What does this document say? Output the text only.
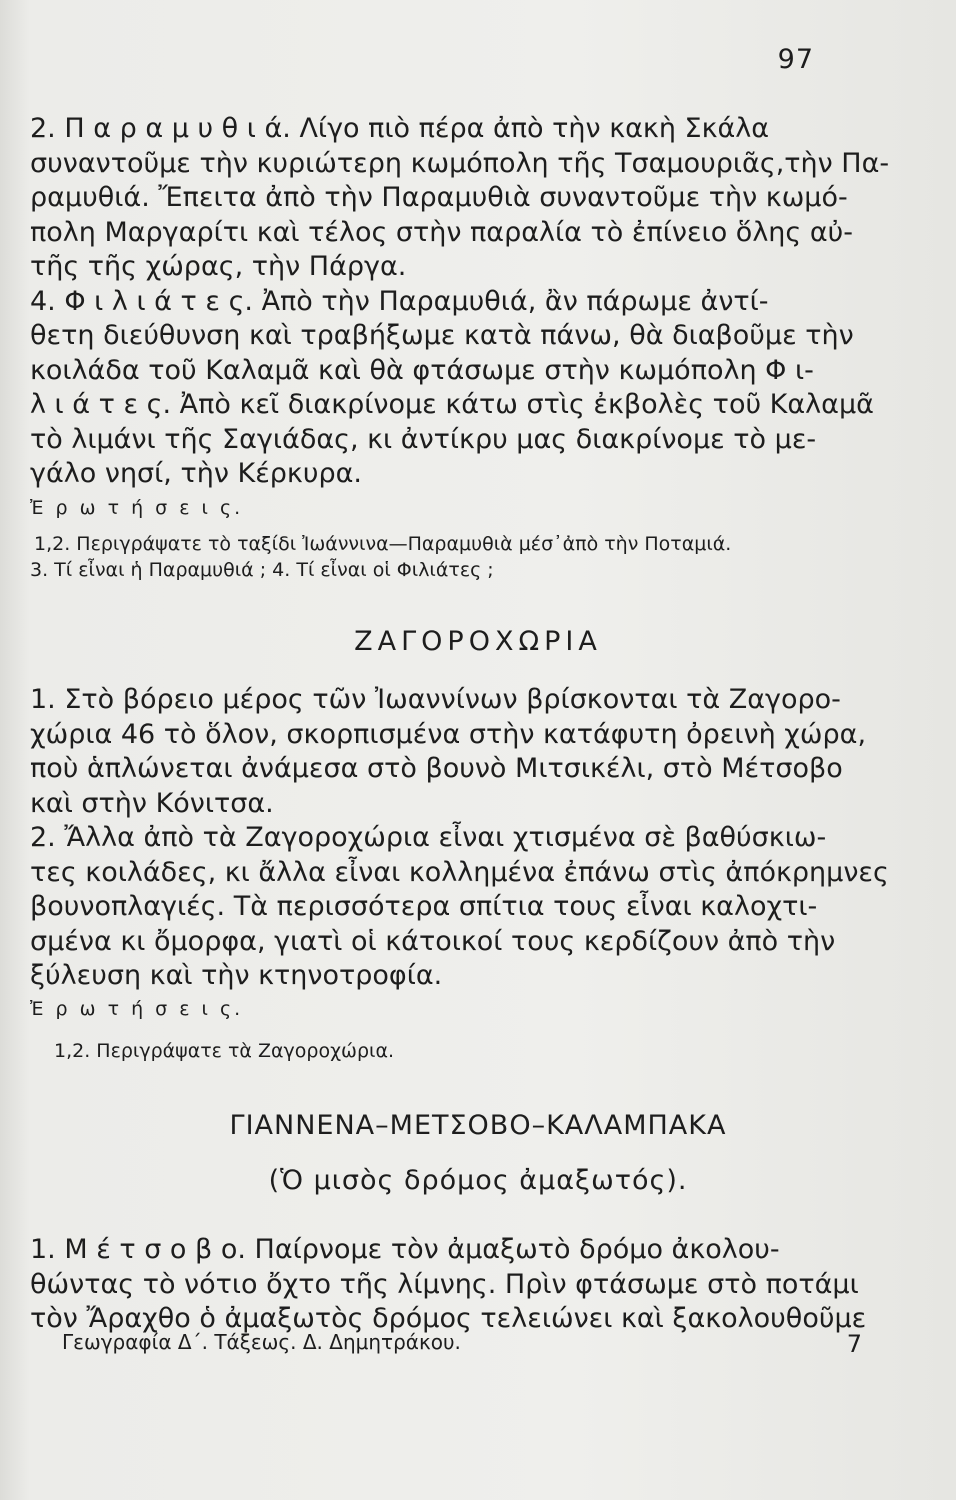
97
2. Π α ρ α μ υ θ ι ά. Λίγο πιὸ πέρα ἀπὸ τὴν κακὴ Σκάλα
συναντοῦμε τὴν κυριώτερη κωμόπολη τῆς Τσαμουριᾶς,τὴν Πα-
ραμυθιά. Ἔπειτα ἀπὸ τὴν Παραμυθιὰ συναντοῦμε τὴν κωμό-
πολη Μαργαρίτι καὶ τέλος στὴν παραλία τὸ ἐπίνειο ὅλης αὐ-
τῆς τῆς χώρας, τὴν Πάργα.
4. Φ ι λ ι ά τ ε ς. Ἀπὸ τὴν Παραμυθιά, ἂν πάρωμε ἀντί-
θετη διεύθυνση καὶ τραβήξωμε κατὰ πάνω, θὰ διαβοῦμε τὴν
κοιλάδα τοῦ Καλαμᾶ καὶ θὰ φτάσωμε στὴν κωμόπολη Φ ι-
λ ι ά τ ε ς. Ἀπὸ κεῖ διακρίνομε κάτω στὶς ἐκβολὲς τοῦ Καλαμᾶ
τὸ λιμάνι τῆς Σαγιάδας, κι ἀντίκρυ μας διακρίνομε τὸ με-
γάλο νησί, τὴν Κέρκυρα.
Ἐ ρ ω τ ή σ ε ι ς.
1,2. Περιγράψατε τὸ ταξίδι Ἰωάννινα—Παραμυθιὰ μέσ᾽ἀπὸ τὴν Ποταμιά.
3. Τί εἶναι ἡ Παραμυθιά ; 4. Τί εἶναι οἱ Φιλιάτες ;
ΖΑΓΟΡΟΧΩΡΙΑ
1. Στὸ βόρειο μέρος τῶν Ἰωαννίνων βρίσκονται τὰ Ζαγορο-
χώρια 46 τὸ ὅλον, σκορπισμένα στὴν κατάφυτη ὀρεινὴ χώρα,
ποὺ ἁπλώνεται ἀνάμεσα στὸ βουνὸ Μιτσικέλι, στὸ Μέτσοβο
καὶ στὴν Κόνιτσα.
2. Ἄλλα ἀπὸ τὰ Ζαγοροχώρια εἶναι χτισμένα σὲ βαθύσκιω-
τες κοιλάδες, κι ἄλλα εἶναι κολλημένα ἐπάνω στὶς ἀπόκρημνες
βουνοπλαγιές. Τὰ περισσότερα σπίτια τους εἶναι καλοχτι-
σμένα κι ὄμορφα, γιατὶ οἱ κάτοικοί τους κερδίζουν ἀπὸ τὴν
ξύλευση καὶ τὴν κτηνοτροφία.
Ἐ ρ ω τ ή σ ε ι ς.
1,2. Περιγράψατε τὰ Ζαγοροχώρια.
ΓΙΑΝΝΕΝΑ–ΜΕΤΣΟΒΟ–ΚΑΛΑΜΠΑΚΑ
(Ὁ μισὸς δρόμος ἀμαξωτός).
1. Μ έ τ σ ο β ο. Παίρνομε τὸν ἀμαξωτὸ δρόμο ἀκολου-
θώντας τὸ νότιο ὄχτο τῆς λίμνης. Πρὶν φτάσωμε στὸ ποτάμι
τὸν Ἄραχθο ὁ ἀμαξωτὸς δρόμος τελειώνει καὶ ξακολουθοῦμε
Γεωγραφία Δ΄. Τάξεως. Δ. Δημητράκου.	7
